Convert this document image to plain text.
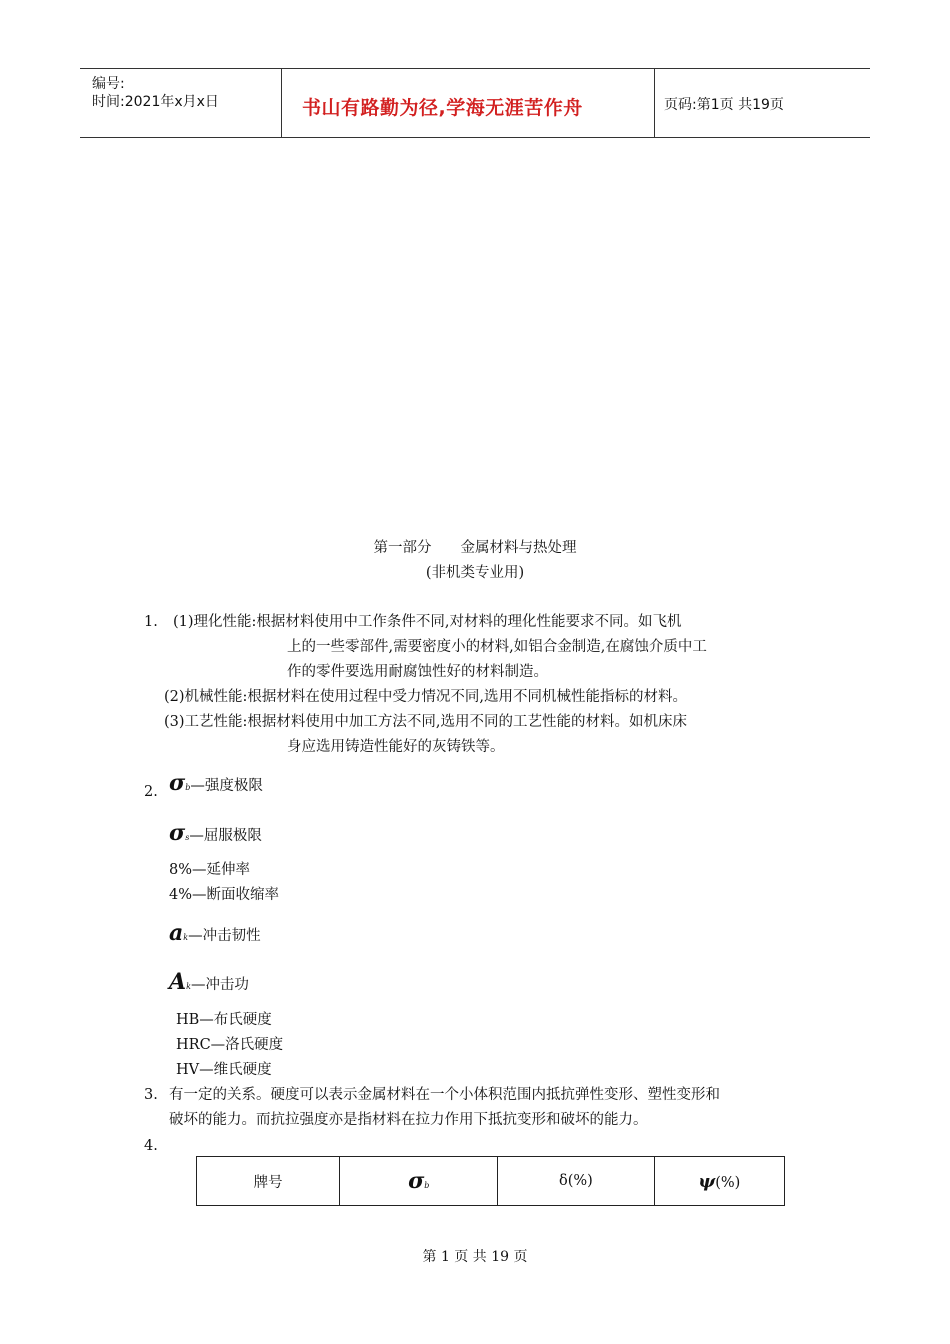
编号:
时间:2021年x月x日	书山有路勤为径,学海无涯苦作舟	页码:第1页 共19页
第一部分　　金属材料与热处理
(非机类专业用)
1. (1)理化性能:根据材料使用中工作条件不同,对材料的理化性能要求不同。如飞机
上的一些零部件,需要密度小的材料,如铝合金制造,在腐蚀介质中工
作的零件要选用耐腐蚀性好的材料制造。
(2)机械性能:根据材料在使用过程中受力情况不同,选用不同机械性能指标的材料。
(3)工艺性能:根据材料使用中加工方法不同,选用不同的工艺性能的材料。如机床床
身应选用铸造性能好的灰铸铁等。
2. σb—强度极限
σs—屈服极限
8%—延伸率
4%—断面收缩率
ak—冲击韧性
Ak—冲击功
HB—布氏硬度
HRC—洛氏硬度
HV—维氏硬度
3. 有一定的关系。硬度可以表示金属材料在一个小体积范围内抵抗弹性变形、塑性变形和
破坏的能力。而抗拉强度亦是指材料在拉力作用下抵抗变形和破坏的能力。
4.
牌号	σb	δ(%)	ψ(%)
第 1 页 共 19 页
